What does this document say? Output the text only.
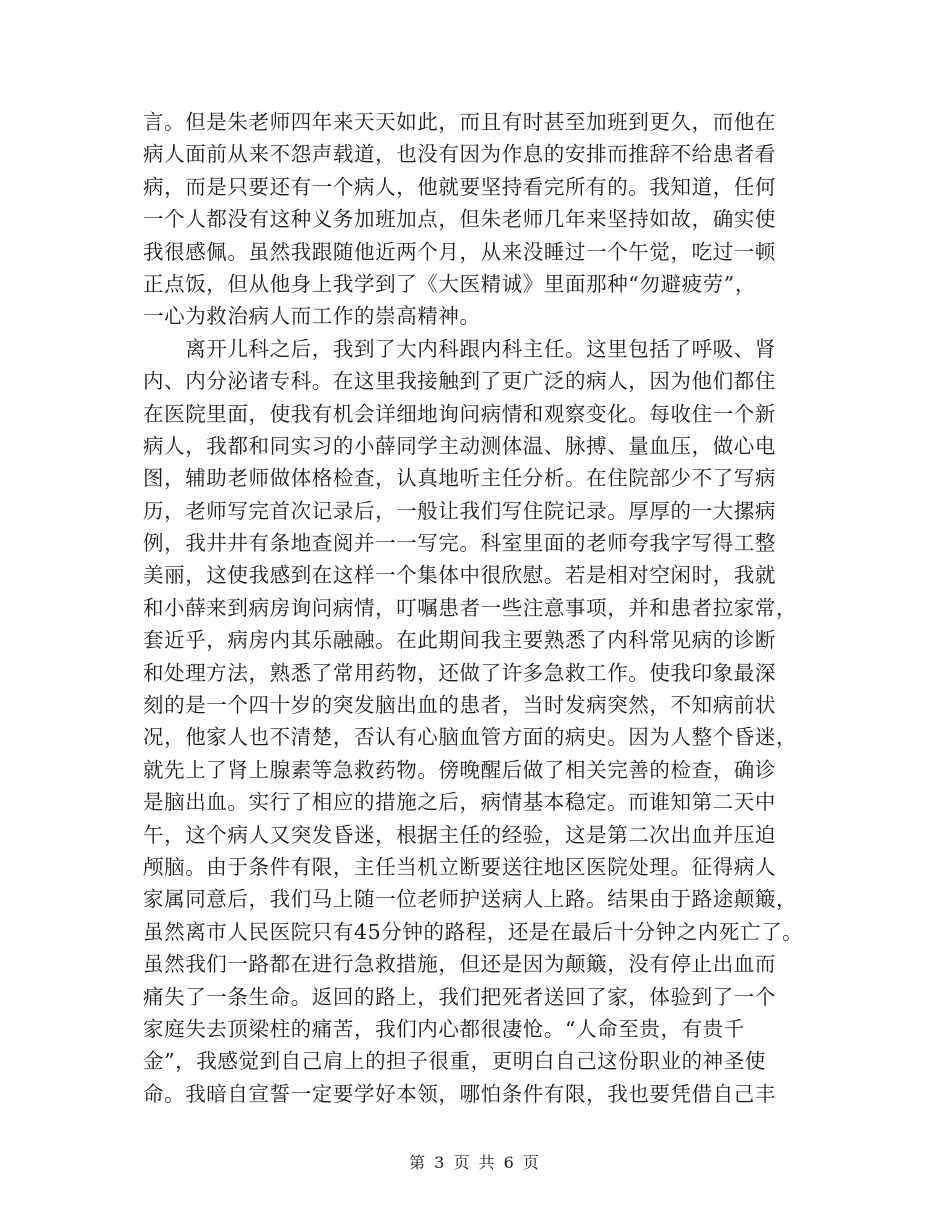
言。但是朱老师四年来天天如此，而且有时甚至加班到更久，而他在
病人面前从来不怨声载道，也没有因为作息的安排而推辞不给患者看
病，而是只要还有一个病人，他就要坚持看完所有的。我知道，任何
一个人都没有这种义务加班加点，但朱老师几年来坚持如故，确实使
我很感佩。虽然我跟随他近两个月，从来没睡过一个午觉，吃过一顿
正点饭，但从他身上我学到了《大医精诚》里面那种“勿避疲劳”，
一心为救治病人而工作的崇高精神。
　　离开儿科之后，我到了大内科跟内科主任。这里包括了呼吸、肾
内、内分泌诸专科。在这里我接触到了更广泛的病人，因为他们都住
在医院里面，使我有机会详细地询问病情和观察变化。每收住一个新
病人，我都和同实习的小薛同学主动测体温、脉搏、量血压，做心电
图，辅助老师做体格检查，认真地听主任分析。在住院部少不了写病
历，老师写完首次记录后，一般让我们写住院记录。厚厚的一大摞病
例，我井井有条地查阅并一一写完。科室里面的老师夸我字写得工整
美丽，这使我感到在这样一个集体中很欣慰。若是相对空闲时，我就
和小薛来到病房询问病情，叮嘱患者一些注意事项，并和患者拉家常，
套近乎，病房内其乐融融。在此期间我主要熟悉了内科常见病的诊断
和处理方法，熟悉了常用药物，还做了许多急救工作。使我印象最深
刻的是一个四十岁的突发脑出血的患者，当时发病突然，不知病前状
况，他家人也不清楚，否认有心脑血管方面的病史。因为人整个昏迷，
就先上了肾上腺素等急救药物。傍晚醒后做了相关完善的检查，确诊
是脑出血。实行了相应的措施之后，病情基本稳定。而谁知第二天中
午，这个病人又突发昏迷，根据主任的经验，这是第二次出血并压迫
颅脑。由于条件有限，主任当机立断要送往地区医院处理。征得病人
家属同意后，我们马上随一位老师护送病人上路。结果由于路途颠簸，
虽然离市人民医院只有45分钟的路程，还是在最后十分钟之内死亡了。
虽然我们一路都在进行急救措施，但还是因为颠簸，没有停止出血而
痛失了一条生命。返回的路上，我们把死者送回了家，体验到了一个
家庭失去顶梁柱的痛苦，我们内心都很凄怆。“人命至贵，有贵千
金”，我感觉到自己肩上的担子很重，更明白自己这份职业的神圣使
命。我暗自宣誓一定要学好本领，哪怕条件有限，我也要凭借自己丰
第 3 页 共 6 页
